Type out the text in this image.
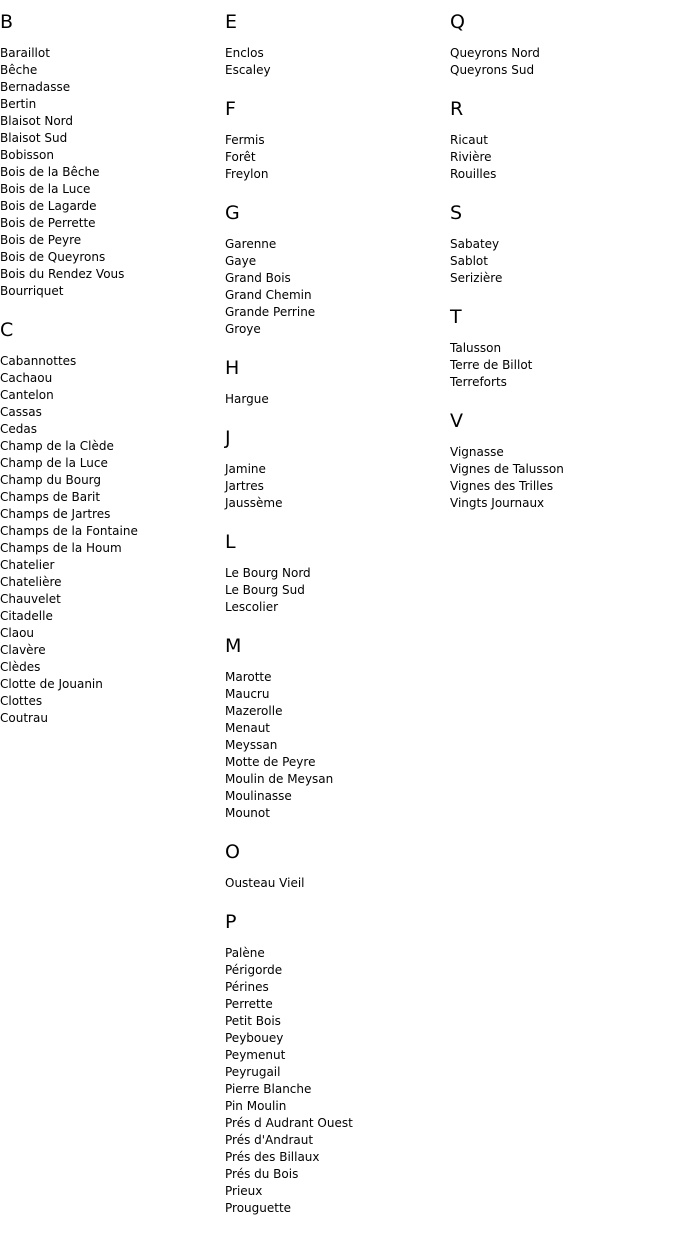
B
Baraillot
Bêche
Bernadasse
Bertin
Blaisot Nord
Blaisot Sud
Bobisson
Bois de la Bêche
Bois de la Luce
Bois de Lagarde
Bois de Perrette
Bois de Peyre
Bois de Queyrons
Bois du Rendez Vous
Bourriquet
C
Cabannottes
Cachaou
Cantelon
Cassas
Cedas
Champ de la Clède
Champ de la Luce
Champ du Bourg
Champs de Barit
Champs de Jartres
Champs de la Fontaine
Champs de la Houm
Chatelier
Chatelière
Chauvelet
Citadelle
Claou
Clavère
Clèdes
Clotte de Jouanin
Clottes
Coutrau
E
Enclos
Escaley
F
Fermis
Forêt
Freylon
G
Garenne
Gaye
Grand Bois
Grand Chemin
Grande Perrine
Groye
H
Hargue
J
Jamine
Jartres
Jaussème
L
Le Bourg Nord
Le Bourg Sud
Lescolier
M
Marotte
Maucru
Mazerolle
Menaut
Meyssan
Motte de Peyre
Moulin de Meysan
Moulinasse
Mounot
O
Ousteau Vieil
P
Palène
Périgorde
Pérines
Perrette
Petit Bois
Peybouey
Peymenut
Peyrugail
Pierre Blanche
Pin Moulin
Prés d Audrant Ouest
Prés d'Andraut
Prés des Billaux
Prés du Bois
Prieux
Prouguette
Q
Queyrons Nord
Queyrons Sud
R
Ricaut
Rivière
Rouilles
S
Sabatey
Sablot
Serizière
T
Talusson
Terre de Billot
Terreforts
V
Vignasse
Vignes de Talusson
Vignes des Trilles
Vingts Journaux
